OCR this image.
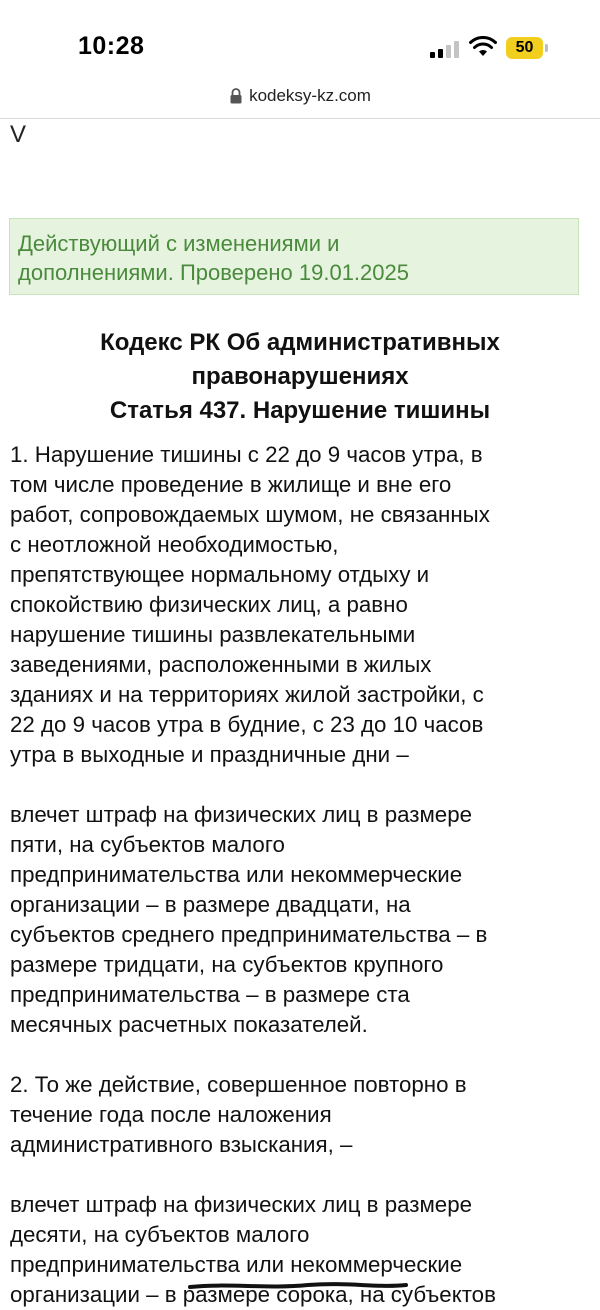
10:28	50
kodeksy-kz.com
V
Действующий с изменениями и
дополнениями. Проверено 19.01.2025
Кодекс РК Об административных
правонарушениях
Статья 437. Нарушение тишины

1. Нарушение тишины с 22 до 9 часов утра, в
том числе проведение в жилище и вне его
работ, сопровождаемых шумом, не связанных
с неотложной необходимостью,
препятствующее нормальному отдыху и
спокойствию физических лиц, а равно
нарушение тишины развлекательными
заведениями, расположенными в жилых
зданиях и на территориях жилой застройки, с
22 до 9 часов утра в будние, с 23 до 10 часов
утра в выходные и праздничные дни –

влечет штраф на физических лиц в размере
пяти, на субъектов малого
предпринимательства или некоммерческие
организации – в размере двадцати, на
субъектов среднего предпринимательства – в
размере тридцати, на субъектов крупного
предпринимательства – в размере ста
месячных расчетных показателей.

2. То же действие, совершенное повторно в
течение года после наложения
административного взыскания, –

влечет штраф на физических лиц в размере
десяти, на субъектов малого
предпринимательства или некоммерческие
организации – в размере сорока, на субъектов
